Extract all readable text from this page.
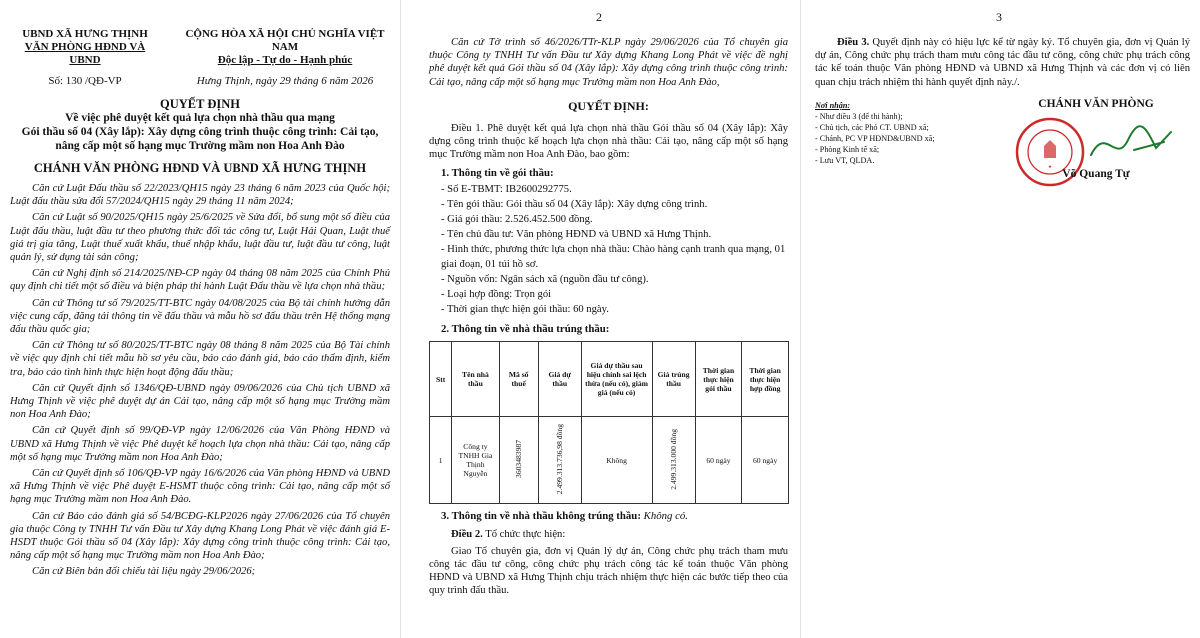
UBND XÃ HƯNG THỊNH
VĂN PHÒNG HĐND VÀ UBND
CỘNG HÒA XÃ HỘI CHỦ NGHĨA VIỆT NAM
Độc lập - Tự do - Hạnh phúc
Số: 130 /QĐ-VP	Hưng Thịnh, ngày 29 tháng 6 năm 2026
QUYẾT ĐỊNH
Về việc phê duyệt kết quả lựa chọn nhà thầu qua mạng
Gói thầu số 04 (Xây lắp): Xây dựng công trình thuộc công trình: Cải tạo,
nâng cấp một số hạng mục Trường mầm non Hoa Anh Đào
CHÁNH VĂN PHÒNG HĐND VÀ UBND XÃ HƯNG THỊNH

Căn cứ Luật Đấu thầu số 22/2023/QH15 ngày 23 tháng 6 năm 2023 của Quốc hội; Luật đấu thầu sửa đổi 57/2024/QH15 ngày 29 tháng 11 năm 2024;

Căn cứ Luật số 90/2025/QH15 ngày 25/6/2025 về Sửa đổi, bổ sung một số điều của Luật đấu thầu, luật đầu tư theo phương thức đối tác công tư, Luật Hải Quan, Luật thuế giá trị gia tăng, Luật thuế xuất khẩu, thuế nhập khẩu, luật đầu tư, luật đầu tư công, luật quản lý, sử dụng tài sản công;

Căn cứ Nghị định số 214/2025/NĐ-CP ngày 04 tháng 08 năm 2025 của Chính Phủ quy định chi tiết một số điều và biện pháp thi hành Luật Đấu thầu về lựa chọn nhà thầu;

Căn cứ Thông tư số 79/2025/TT-BTC ngày 04/08/2025 của Bộ tài chính hướng dẫn việc cung cấp, đăng tải thông tin về đấu thầu và mẫu hồ sơ đấu thầu trên Hệ thống mạng đấu thầu quốc gia;

Căn cứ Thông tư số 80/2025/TT-BTC ngày 08 tháng 8 năm 2025 của Bộ Tài chính về việc quy định chi tiết mẫu hồ sơ yêu cầu, báo cáo đánh giá, báo cáo thẩm định, kiểm tra, báo cáo tình hình thực hiện hoạt động đấu thầu;

Căn cứ Quyết định số 1346/QĐ-UBND ngày 09/06/2026 của Chủ tịch UBND xã Hưng Thịnh về việc phê duyệt dự án Cải tạo, nâng cấp một số hạng mục Trường mầm non Hoa Anh Đào;

Căn cứ Quyết định số 99/QĐ-VP ngày 12/06/2026 của Văn Phòng HĐND và UBND xã Hưng Thịnh về việc Phê duyệt kế hoạch lựa chọn nhà thầu: Cải tạo, nâng cấp một số hạng mục Trường mầm non Hoa Anh Đào;

Căn cứ Quyết định số 106/QĐ-VP ngày 16/6/2026 của Văn phòng HĐND và UBND xã Hưng Thịnh về việc Phê duyệt E-HSMT thuộc công trình: Cải tạo, nâng cấp một số hạng mục Trường mầm non Hoa Anh Đào.

Căn cứ Báo cáo đánh giá số 54/BCĐG-KLP2026 ngày 27/06/2026 của Tổ chuyên gia thuộc Công ty TNHH Tư vấn Đầu tư Xây dựng Khang Long Phát về việc đánh giá E-HSDT thuộc Gói thầu số 04 (Xây lắp): Xây dựng công trình thuộc công trình: Cải tạo, nâng cấp một số hạng mục Trường mầm non Hoa Anh Đào;

Căn cứ Biên bản đối chiếu tài liệu ngày 29/06/2026;

2

Căn cứ Tờ trình số 46/2026/TTr-KLP ngày 29/06/2026 của Tổ chuyên gia thuộc Công ty TNHH Tư vấn Đầu tư Xây dựng Khang Long Phát về việc đề nghị phê duyệt kết quả Gói thầu số 04 (Xây lắp): Xây dựng công trình thuộc công trình: Cải tạo, nâng cấp một số hạng mục Trường mầm non Hoa Anh Đào,

QUYẾT ĐỊNH:

Điều 1. Phê duyệt kết quả lựa chọn nhà thầu Gói thầu số 04 (Xây lắp): Xây dựng công trình thuộc kế hoạch lựa chọn nhà thầu: Cải tạo, nâng cấp một số hạng mục Trường mầm non Hoa Anh Đào, bao gồm:

1. Thông tin về gói thầu:
- Số E-TBMT: IB2600292775.
- Tên gói thầu: Gói thầu số 04 (Xây lắp): Xây dựng công trình.
- Giá gói thầu: 2.526.452.500 đồng.
- Tên chủ đầu tư: Văn phòng HĐND và UBND xã Hưng Thịnh.
- Hình thức, phương thức lựa chọn nhà thầu: Chào hàng cạnh tranh qua mạng, 01 giai đoạn, 01 túi hồ sơ.
- Nguồn vốn: Ngân sách xã (nguồn đầu tư công).
- Loại hợp đồng: Trọn gói
- Thời gian thực hiện gói thầu: 60 ngày.
2. Thông tin về nhà thầu trúng thầu:
Stt	Tên nhà thầu	Mã số thuế	Giá dự thầu	Giá dự thầu sau hiệu chỉnh sai lệch thừa (nếu có), giảm giá (nếu có)	Giá trúng thầu	Thời gian thực hiện gói thầu	Thời gian thực hiện hợp đồng
1	Công ty TNHH Gia Thịnh Nguyễn	3603483987	2.499.313.736,98 đồng	Không	2.499.313.000 đồng	60 ngày	60 ngày
3. Thông tin về nhà thầu không trúng thầu: Không có.

Điều 2. Tổ chức thực hiện:

Giao Tổ chuyên gia, đơn vị Quản lý dự án, Công chức phụ trách tham mưu công tác đầu tư công, công chức phụ trách công tác kế toán thuộc Văn phòng HĐND và UBND xã Hưng Thịnh chịu trách nhiệm thực hiện các bước tiếp theo của quy trình đấu thầu.

3

Điều 3. Quyết định này có hiệu lực kể từ ngày ký. Tổ chuyên gia, đơn vị Quản lý dự án, Công chức phụ trách tham mưu công tác đầu tư công, công chức phụ trách công tác kế toán thuộc Văn phòng HĐND và UBND xã Hưng Thịnh và các đơn vị có liên quan chịu trách nhiệm thi hành quyết định này./.

Nơi nhận:
- Như điều 3 (để thi hành);
- Chủ tịch, các Phó CT. UBND xã;
- Chánh, PC VP HĐND&UBND xã;
- Phòng Kinh tế xã;
- Lưu VT, QLDA.
CHÁNH VĂN PHÒNG
★
Võ Quang Tự
